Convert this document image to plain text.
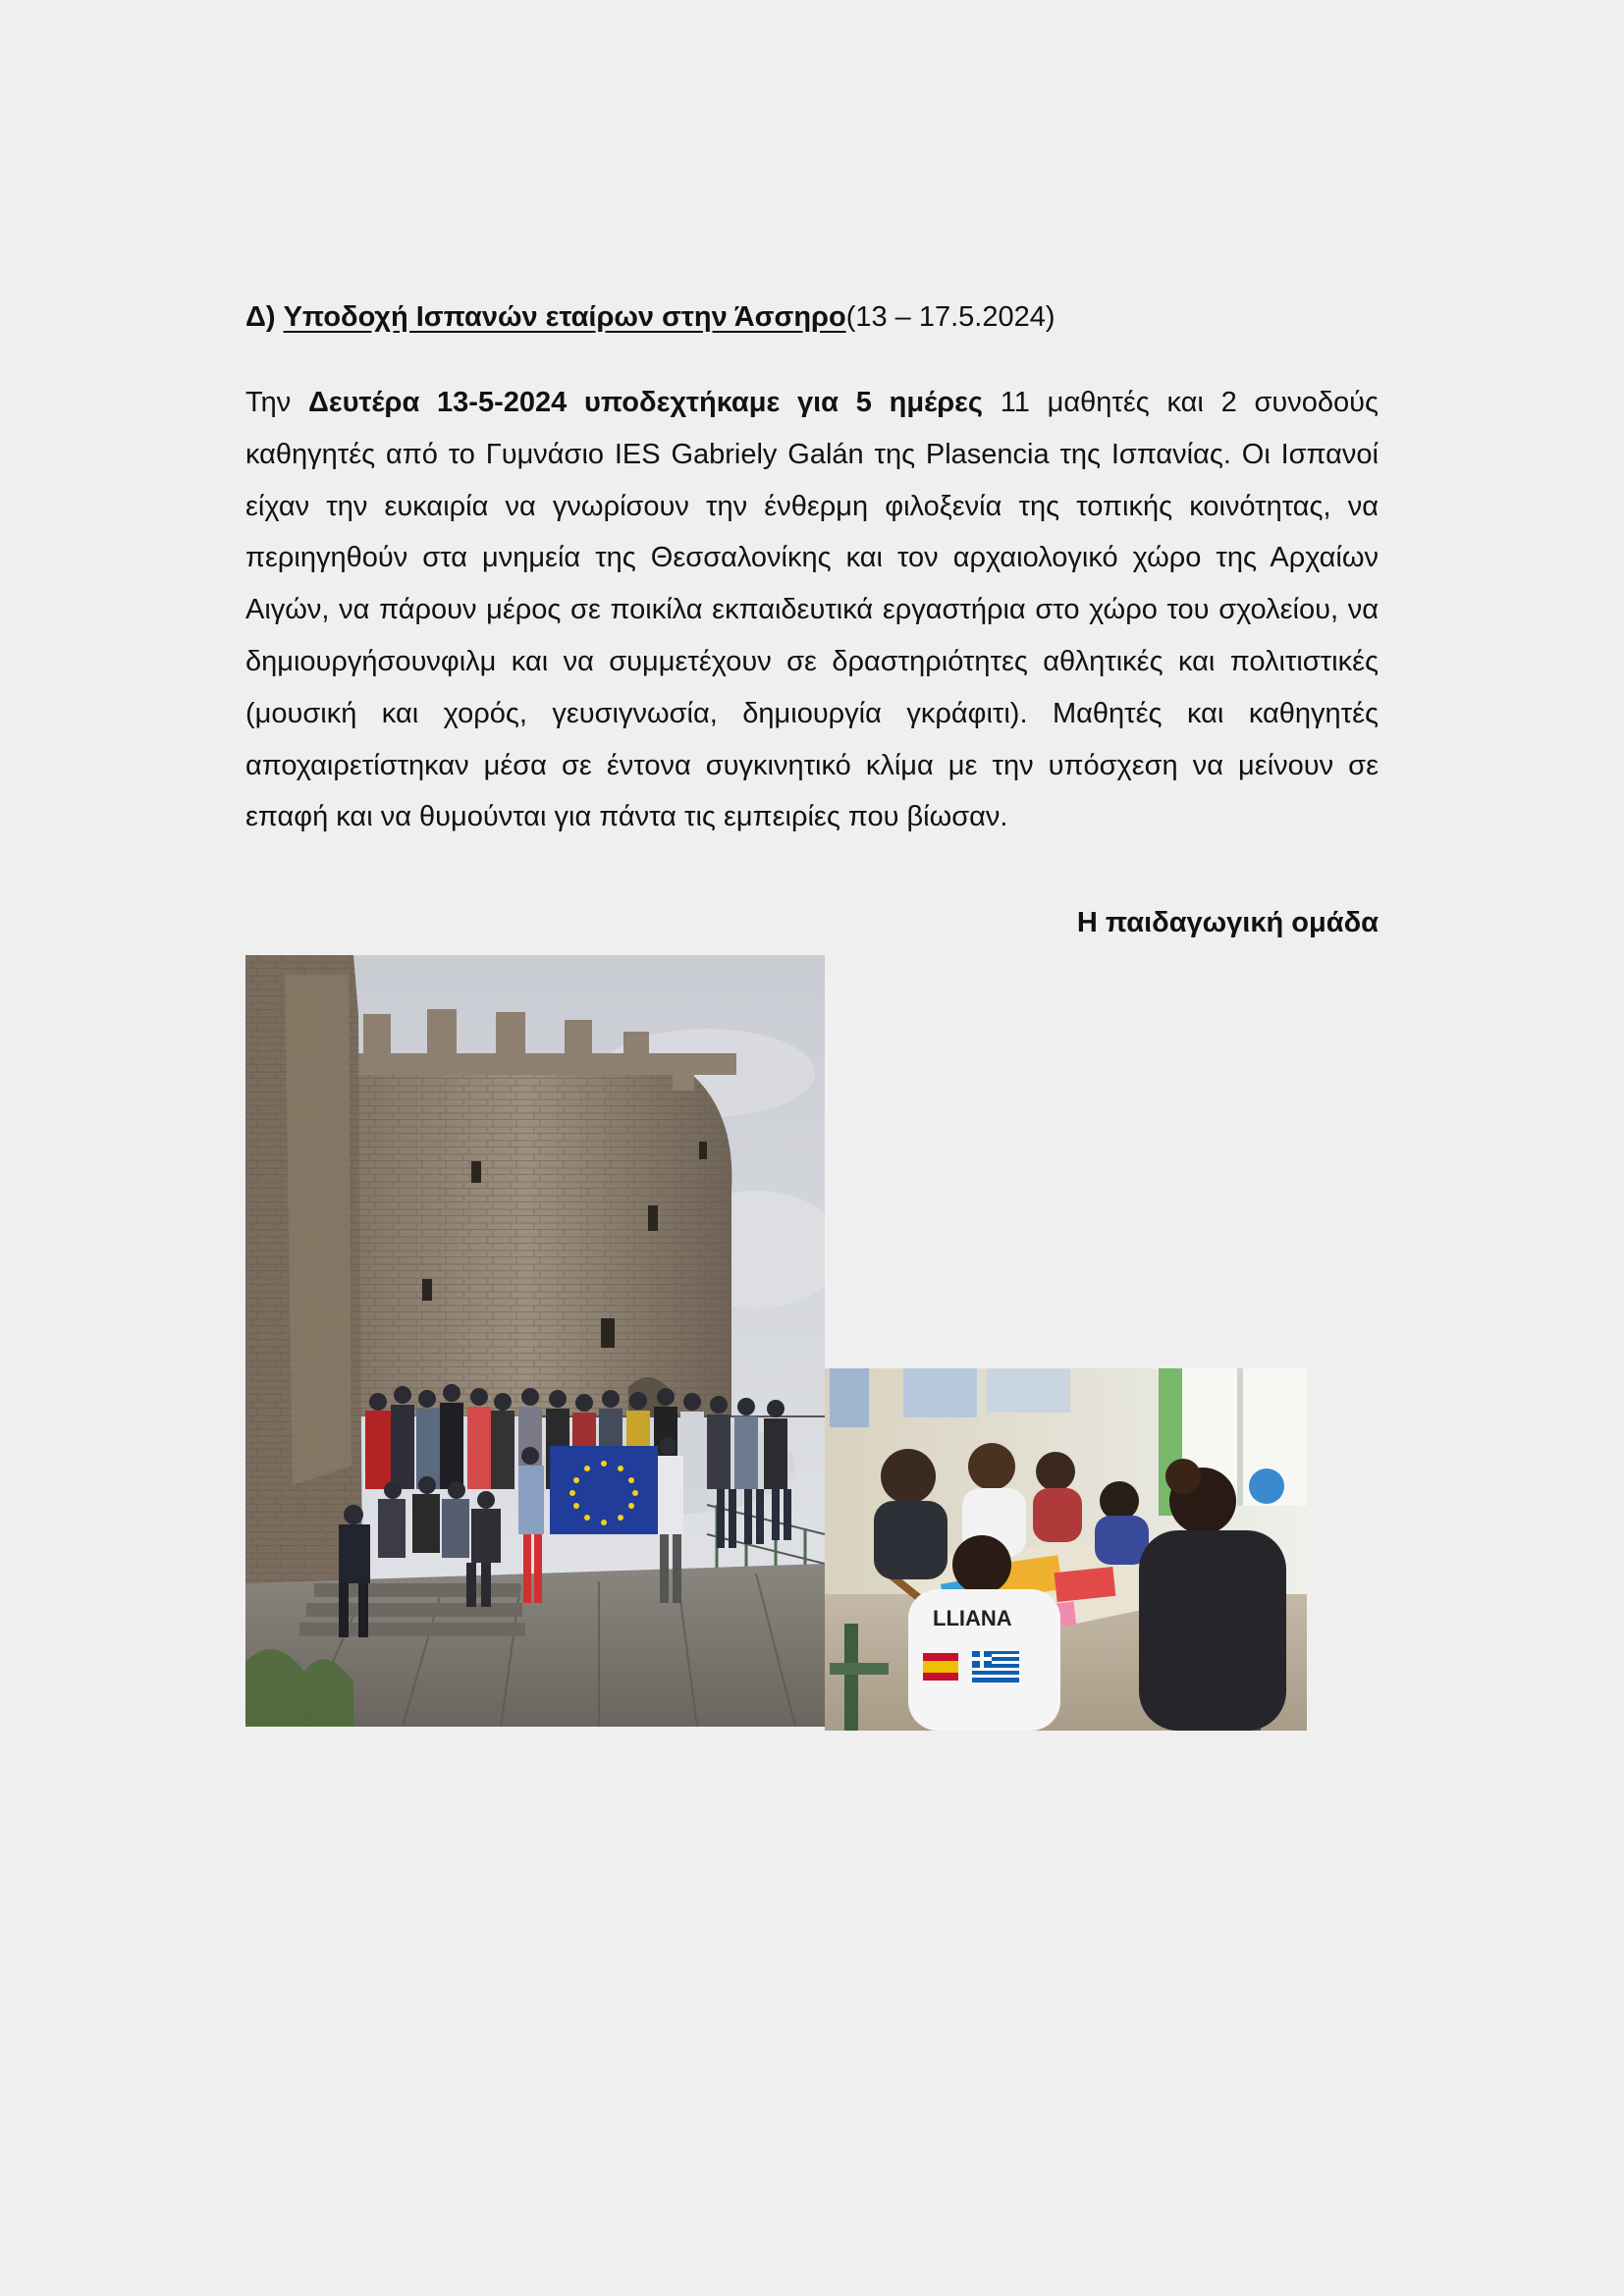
Δ) Υποδοχή Ισπανών εταίρων στην Άσσηρο(13 – 17.5.2024)

Την Δευτέρα 13-5-2024 υποδεχτήκαμε για 5 ημέρες 11 μαθητές και 2 συνοδούς καθηγητές από το Γυμνάσιο IES Gabriely Galán της Plasencia της Ισπανίας. Οι Ισπανοί είχαν την ευκαιρία να γνωρίσουν την ένθερμη φιλοξενία της τοπικής κοινότητας, να περιηγηθούν στα μνημεία της Θεσσαλονίκης και τον αρχαιολογικό χώρο της Αρχαίων Αιγών, να πάρουν μέρος σε ποικίλα εκπαιδευτικά εργαστήρια στο χώρο του σχολείου, να δημιουργήσουνφιλμ και να συμμετέχουν σε δραστηριότητες αθλητικές και πολιτιστικές (μουσική και χορός, γευσιγνωσία, δημιουργία γκράφιτι). Μαθητές και καθηγητές αποχαιρετίστηκαν μέσα σε έντονα συγκινητικό κλίμα με την υπόσχεση να μείνουν σε επαφή και να θυμούνται για πάντα τις εμπειρίες που βίωσαν.

Η παιδαγωγική ομάδα
LLIANA
